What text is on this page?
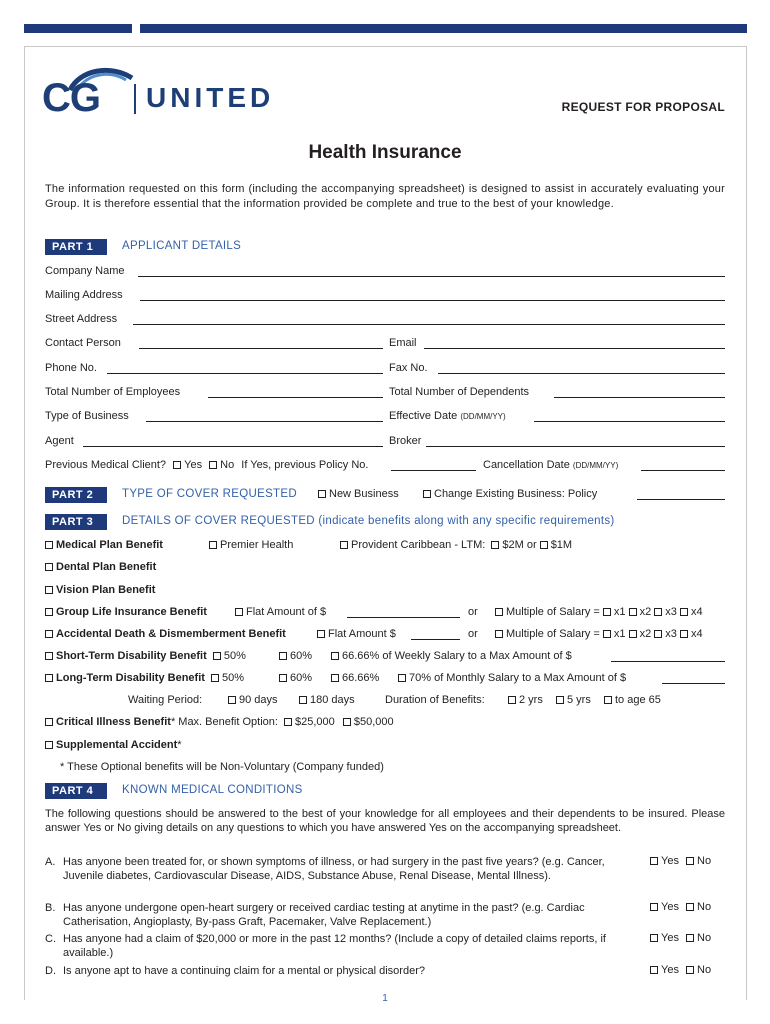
CG UNITED	REQUEST FOR PROPOSAL
Health Insurance
The information requested on this form (including the accompanying spreadsheet) is designed to assist in accurately evaluating your Group. It is therefore essential that the information provided be complete and true to the best of your knowledge.
PART 1	APPLICANT DETAILS
Company Name
Mailing Address
Street Address
Contact Person	Email
Phone No.	Fax No.
Total Number of Employees	Total Number of Dependents
Type of Business	Effective Date (DD/MM/YY)
Agent	Broker
Previous Medical Client? Yes No If Yes, previous Policy No.	Cancellation Date (DD/MM/YY)
PART 2	TYPE OF COVER REQUESTED	New Business	Change Existing Business: Policy
PART 3	DETAILS OF COVER REQUESTED (indicate benefits along with any specific requirements)
Medical Plan Benefit	Premier Health	Provident Caribbean - LTM: $2M or $1M
Dental Plan Benefit
Vision Plan Benefit
Group Life Insurance Benefit	Flat Amount of $	or	Multiple of Salary = x1 x2 x3 x4
Accidental Death & Dismemberment Benefit	Flat Amount $	or	Multiple of Salary = x1 x2 x3 x4
Short-Term Disability Benefit 50%	60%	66.66% of Weekly Salary to a Max Amount of $
Long-Term Disability Benefit 50%	60%	66.66%	70% of Monthly Salary to a Max Amount of $
Waiting Period:	90 days	180 days	Duration of Benefits:	2 yrs	5 yrs	to age 65
Critical Illness Benefit* Max. Benefit Option: $25,000 $50,000
Supplemental Accident*
* These Optional benefits will be Non-Voluntary (Company funded)
PART 4	KNOWN MEDICAL CONDITIONS
The following questions should be answered to the best of your knowledge for all employees and their dependents to be insured. Please answer Yes or No giving details on any questions to which you have answered Yes on the accompanying spreadsheet.
A. Has anyone been treated for, or shown symptoms of illness, or had surgery in the past five years? (e.g. Cancer, Juvenile diabetes, Cardiovascular Disease, AIDS, Substance Abuse, Renal Disease, Mental Illness).
Yes No
B. Has anyone undergone open-heart surgery or received cardiac testing at anytime in the past? (e.g. Cardiac Catherisation, Angioplasty, By-pass Graft, Pacemaker, Valve Replacement.)
Yes No
C. Has anyone had a claim of $20,000 or more in the past 12 months? (Include a copy of detailed claims reports, if available.)
Yes No
D. Is anyone apt to have a continuing claim for a mental or physical disorder?	Yes No
1
